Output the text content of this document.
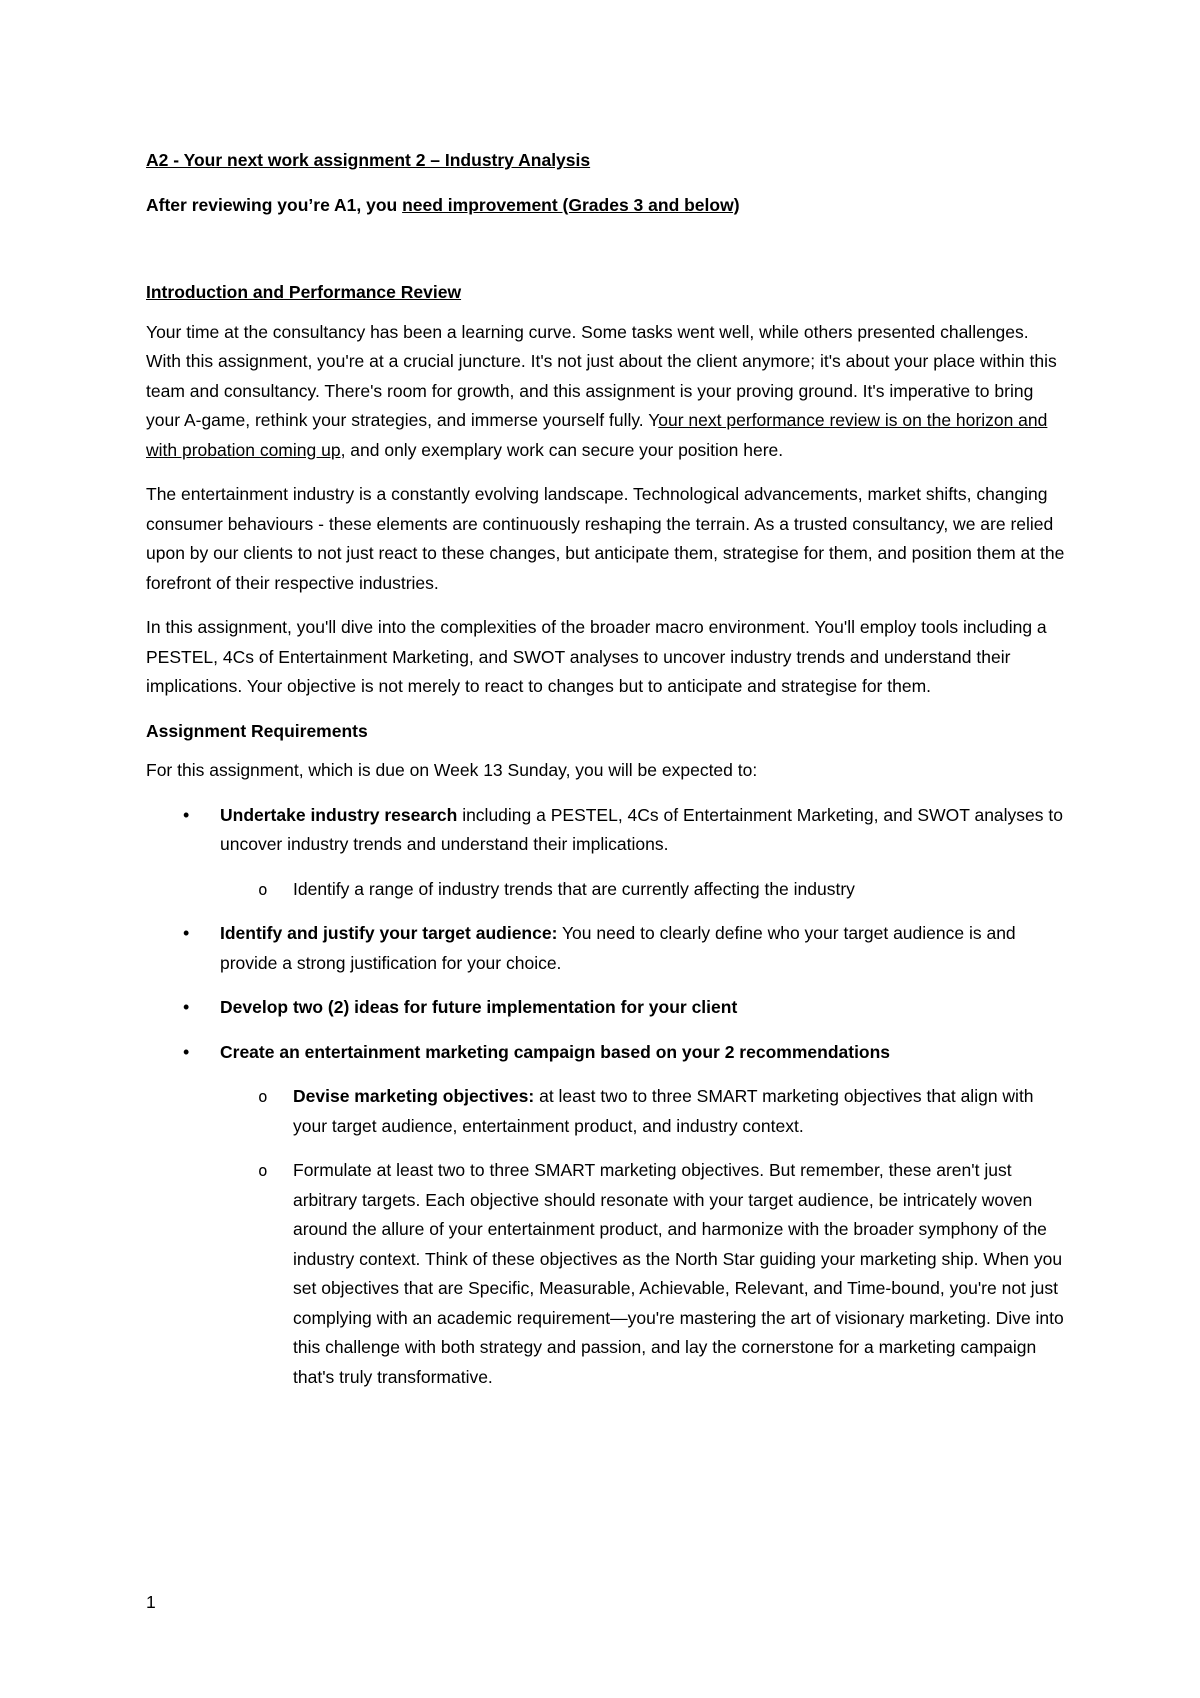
A2 - Your next work assignment 2 – Industry Analysis

After reviewing you’re A1, you need improvement (Grades 3 and below)

Introduction and Performance Review

Your time at the consultancy has been a learning curve. Some tasks went well, while others presented challenges. With this assignment, you're at a crucial juncture. It's not just about the client anymore; it's about your place within this team and consultancy. There's room for growth, and this assignment is your proving ground. It's imperative to bring your A-game, rethink your strategies, and immerse yourself fully. Your next performance review is on the horizon and with probation coming up, and only exemplary work can secure your position here.

The entertainment industry is a constantly evolving landscape. Technological advancements, market shifts, changing consumer behaviours - these elements are continuously reshaping the terrain. As a trusted consultancy, we are relied upon by our clients to not just react to these changes, but anticipate them, strategise for them, and position them at the forefront of their respective industries.

In this assignment, you'll dive into the complexities of the broader macro environment. You'll employ tools including a PESTEL, 4Cs of Entertainment Marketing, and SWOT analyses to uncover industry trends and understand their implications. Your objective is not merely to react to changes but to anticipate and strategise for them.

Assignment Requirements

For this assignment, which is due on Week 13 Sunday, you will be expected to:

• Undertake industry research including a PESTEL, 4Cs of Entertainment Marketing, and SWOT analyses to uncover industry trends and understand their implications.
o Identify a range of industry trends that are currently affecting the industry
• Identify and justify your target audience: You need to clearly define who your target audience is and provide a strong justification for your choice.
• Develop two (2) ideas for future implementation for your client
• Create an entertainment marketing campaign based on your 2 recommendations
o Devise marketing objectives: at least two to three SMART marketing objectives that align with your target audience, entertainment product, and industry context.
o Formulate at least two to three SMART marketing objectives. But remember, these aren't just arbitrary targets. Each objective should resonate with your target audience, be intricately woven around the allure of your entertainment product, and harmonize with the broader symphony of the industry context. Think of these objectives as the North Star guiding your marketing ship. When you set objectives that are Specific, Measurable, Achievable, Relevant, and Time-bound, you're not just complying with an academic requirement—you're mastering the art of visionary marketing. Dive into this challenge with both strategy and passion, and lay the cornerstone for a marketing campaign that's truly transformative.
1
